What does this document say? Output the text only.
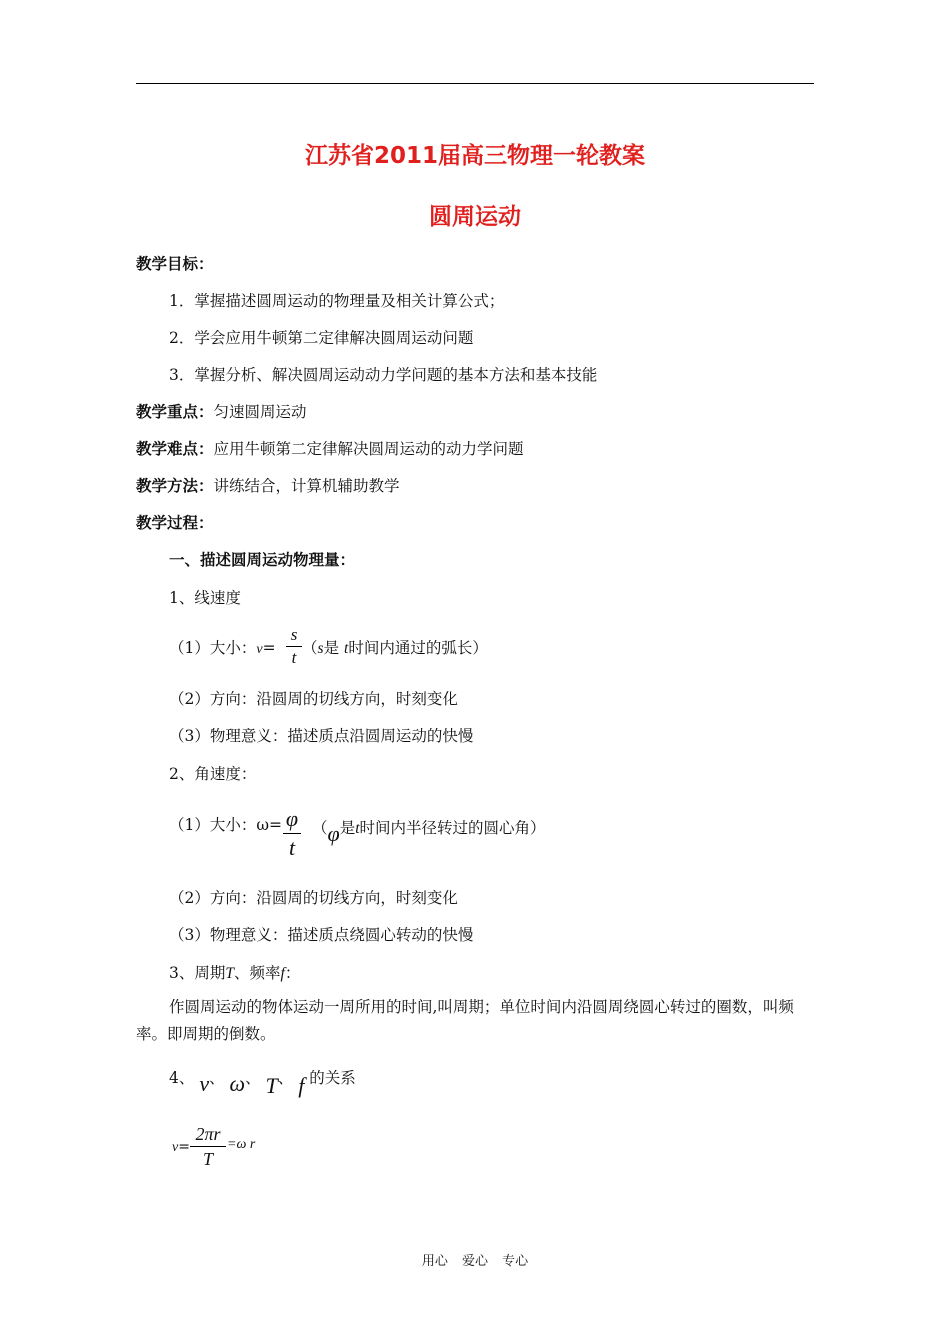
江苏省2011届高三物理一轮教案
圆周运动
教学目标：
1．掌握描述圆周运动的物理量及相关计算公式；
2．学会应用牛顿第二定律解决圆周运动问题
3．掌握分析、解决圆周运动动力学问题的基本方法和基本技能
教学重点：匀速圆周运动
教学难点：应用牛顿第二定律解决圆周运动的动力学问题
教学方法：讲练结合，计算机辅助教学
教学过程：
一、描述圆周运动物理量：
1、线速度
（1）大小：v=
s
t （s是 t时间内通过的弧长）
（2）方向：沿圆周的切线方向，时刻变化
（3）物理意义：描述质点沿圆周运动的快慢
2、角速度：
（1）大小：ω= φ
t
（φ是t时间内半径转过的圆心角）
（2）方向：沿圆周的切线方向，时刻变化
（3）物理意义：描述质点绕圆心转动的快慢
3、周期T、频率f：
作圆周运动的物体运动一周所用的时间,叫周期；单位时间内沿圆周绕圆心转过的圈数，叫频率。即周期的倒数。
4、 v、 ω、 T、 f 的关系
v=
2πr
T
=ω r
用心 爱心 专心
